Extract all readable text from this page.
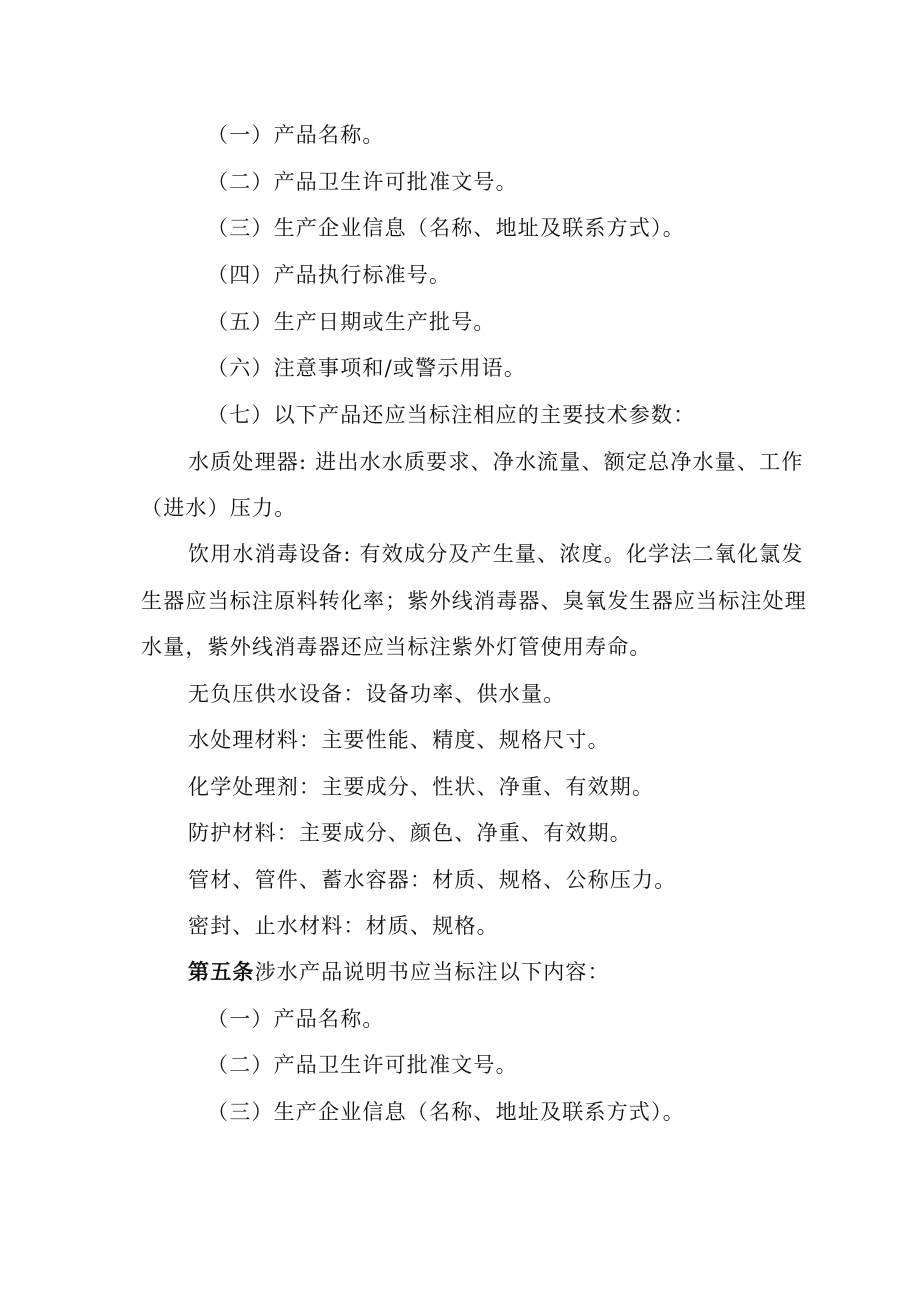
（一）产品名称。
（二）产品卫生许可批准文号。
（三）生产企业信息（名称、地址及联系方式）。
（四）产品执行标准号。
（五）生产日期或生产批号。
（六）注意事项和/或警示用语。
（七）以下产品还应当标注相应的主要技术参数：
水质处理器: 进出水水质要求、净水流量、额定总净水量、工作
（进水）压力。
饮用水消毒设备: 有效成分及产生量、浓度。化学法二氧化氯发
生器应当标注原料转化率；紫外线消毒器、臭氧发生器应当标注处理
水量，紫外线消毒器还应当标注紫外灯管使用寿命。
无负压供水设备：设备功率、供水量。
水处理材料：主要性能、精度、规格尺寸。
化学处理剂：主要成分、性状、净重、有效期。
防护材料：主要成分、颜色、净重、有效期。
管材、管件、蓄水容器：材质、规格、公称压力。
密封、止水材料：材质、规格。
第五条涉水产品说明书应当标注以下内容：
（一）产品名称。
（二）产品卫生许可批准文号。
（三）生产企业信息（名称、地址及联系方式）。
